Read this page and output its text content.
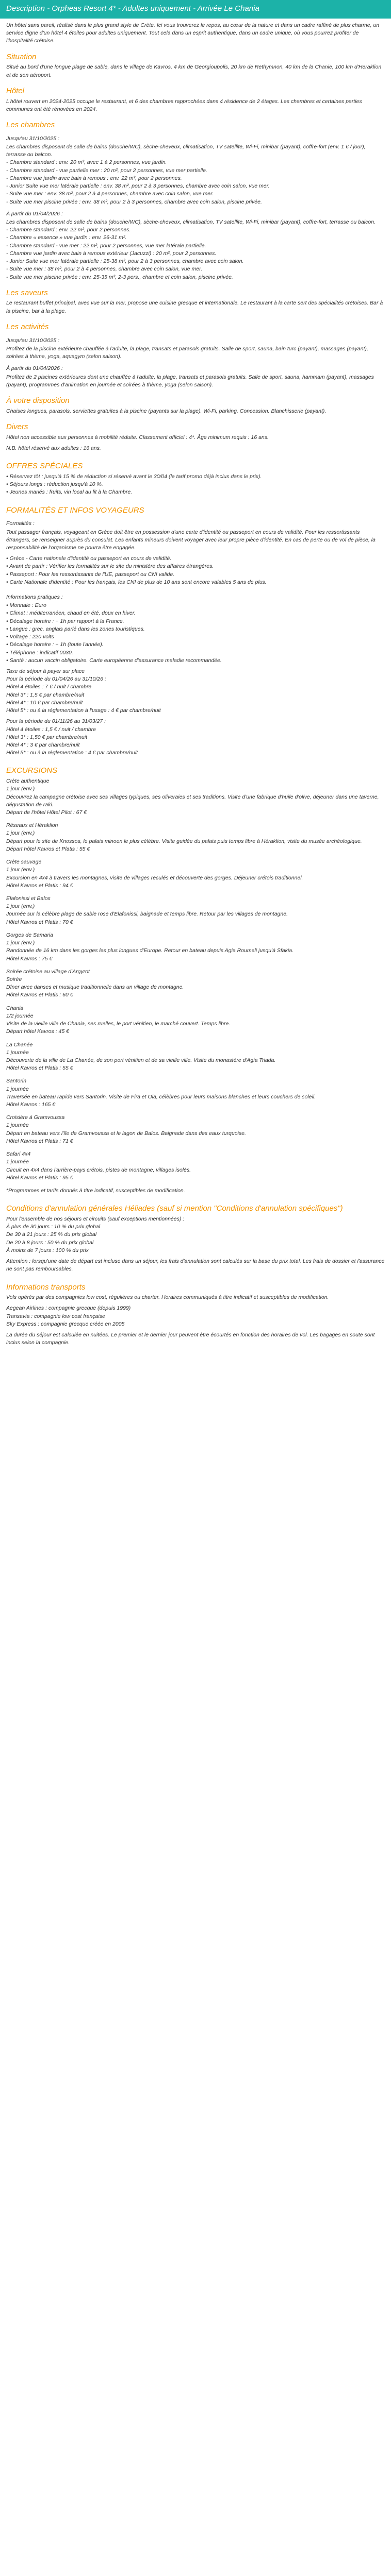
Description - Orpheas Resort 4* - Adultes uniquement - Arrivée Le Chania

Un hôtel sans pareil, réalisé dans le plus grand style de Crète. Ici vous trouverez le repos, au cœur de la nature et dans un cadre raffiné de plus charme, un service digne d'un hôtel 4 étoiles pour adultes uniquement. Tout cela dans un esprit authentique, dans un cadre unique, où vous pourrez profiter de l'hospitalité crétoise.

Situation

Situé au bord d'une longue plage de sable, dans le village de Kavros, 4 km de Georgioupolis, 20 km de Rethymnon, 40 km de la Chanie, 100 km d'Heraklion et de son aéroport.

Hôtel

L'hôtel rouvert en 2024-2025 occupe le restaurant, et 6 des chambres rapprochées dans 4 résidence de 2 étages. Les chambres et certaines parties communes ont été rénovées en 2024.

Les chambres
Jusqu'au 31/10/2025 :
Les chambres disposent de salle de bains (douche/WC), sèche-cheveux, climatisation, TV satellite, Wi-Fi, minibar (payant), coffre-fort (env. 1 € / jour), terrasse ou balcon.
- Chambre standard : env. 20 m², avec 1 à 2 personnes, vue jardin.
- Chambre standard - vue partielle mer : 20 m², pour 2 personnes, vue mer partielle.
- Chambre vue jardin avec bain à remous : env. 22 m², pour 2 personnes.
- Junior Suite vue mer latérale partielle : env. 38 m², pour 2 à 3 personnes, chambre avec coin salon, vue mer.
- Suite vue mer : env. 38 m², pour 2 à 4 personnes, chambre avec coin salon, vue mer.
- Suite vue mer piscine privée : env. 38 m², pour 2 à 3 personnes, chambre avec coin salon, piscine privée.
À partir du 01/04/2026 :
Les chambres disposent de salle de bains (douche/WC), sèche-cheveux, climatisation, TV satellite, Wi-Fi, minibar (payant), coffre-fort, terrasse ou balcon.
- Chambre standard : env. 22 m², pour 2 personnes.
- Chambre « essence » vue jardin : env. 26-31 m².
- Chambre standard - vue mer : 22 m², pour 2 personnes, vue mer latérale partielle.
- Chambre vue jardin avec bain à remous extérieur (Jacuzzi) : 20 m², pour 2 personnes.
- Junior Suite vue mer latérale partielle : 25-38 m², pour 2 à 3 personnes, chambre avec coin salon.
- Suite vue mer : 38 m², pour 2 à 4 personnes, chambre avec coin salon, vue mer.
- Suite vue mer piscine privée : env. 25-35 m², 2-3 pers., chambre et coin salon, piscine privée.
Les saveurs

Le restaurant buffet principal, avec vue sur la mer, propose une cuisine grecque et internationale. Le restaurant à la carte sert des spécialités crétoises. Bar à la piscine, bar à la plage.

Les activités
Jusqu'au 31/10/2025 :

Profitez de la piscine extérieure chauffée à l'adulte, la plage, transats et parasols gratuits. Salle de sport, sauna, bain turc (payant), massages (payant), soirées à thème, yoga, aquagym (selon saison).

À partir du 01/04/2026 :

Profitez de 2 piscines extérieures dont une chauffée à l'adulte, la plage, transats et parasols gratuits. Salle de sport, sauna, hammam (payant), massages (payant), programmes d'animation en journée et soirées à thème, yoga (selon saison).

À votre disposition

Chaises longues, parasols, serviettes gratuites à la piscine (payants sur la plage). Wi-Fi, parking. Concession. Blanchisserie (payant).

Divers

Hôtel non accessible aux personnes à mobilité réduite. Classement officiel : 4*. Âge minimum requis : 16 ans.

N.B. hôtel réservé aux adultes : 16 ans.

OFFRES SPÉCIALES
• Réservez tôt : jusqu'à 15 % de réduction si réservé avant le 30/04 (le tarif promo déjà inclus dans le prix).
• Séjours longs : réduction jusqu'à 10 %.
• Jeunes mariés : fruits, vin local au lit à la Chambre.
FORMALITÉS ET INFOS VOYAGEURS
Formalités :

Tout passager français, voyageant en Grèce doit être en possession d'une carte d'identité ou passeport en cours de validité. Pour les ressortissants étrangers, se renseigner auprès du consulat. Les enfants mineurs doivent voyager avec leur propre pièce d'identité. En cas de perte ou de vol de pièce, la responsabilité de l'organisme ne pourra être engagée.

• Grèce - Carte nationale d'identité ou passeport en cours de validité.
• Avant de partir : Vérifier les formalités sur le site du ministère des affaires étrangères.
• Passeport : Pour les ressortissants de l'UE, passeport ou CNI valide.
• Carte Nationale d'identité : Pour les français, les CNI de plus de 10 ans sont encore valables 5 ans de plus.
Informations pratiques :
• Monnaie : Euro
• Climat : méditerranéen, chaud en été, doux en hiver.
• Décalage horaire : + 1h par rapport à la France.
• Langue : grec, anglais parlé dans les zones touristiques.
• Voltage : 220 volts
• Décalage horaire : + 1h (toute l'année).
• Téléphone : indicatif 0030.
• Santé : aucun vaccin obligatoire. Carte européenne d'assurance maladie recommandée.
Taxe de séjour à payer sur place
Pour la période du 01/04/26 au 31/10/26 :
Hôtel 4 étoiles : 7 € / nuit / chambre
Hôtel 3* : 1,5 € par chambre/nuit
Hôtel 4* : 10 € par chambre/nuit
Hôtel 5* : ou à la réglementation à l'usage : 4 € par chambre/nuit
Pour la période du 01/11/26 au 31/03/27 :
Hôtel 4 étoiles : 1,5 € / nuit / chambre
Hôtel 3* : 1,50 € par chambre/nuit
Hôtel 4* : 3 € par chambre/nuit
Hôtel 5* : ou à la réglementation : 4 € par chambre/nuit
EXCURSIONS
Crète authentique
1 jour (env.)
Découvrez la campagne crétoise avec ses villages typiques, ses oliveraies et ses traditions. Visite d'une fabrique d'huile d'olive, déjeuner dans une taverne, dégustation de raki.
Départ de l'hôtel Hôtel Pilot : 67 €
Réseaux et Héraklion
1 jour (env.)
Départ pour le site de Knossos, le palais minoen le plus célèbre. Visite guidée du palais puis temps libre à Héraklion, visite du musée archéologique.
Départ hôtel Kavros et Platis : 55 €
Crète sauvage
1 jour (env.)
Excursion en 4x4 à travers les montagnes, visite de villages reculés et découverte des gorges. Déjeuner crétois traditionnel.
Hôtel Kavros et Platis : 94 €
Elafonissi et Balos
1 jour (env.)
Journée sur la célèbre plage de sable rose d'Elafonissi, baignade et temps libre. Retour par les villages de montagne.
Hôtel Kavros et Platis : 70 €
Gorges de Samaria
1 jour (env.)
Randonnée de 16 km dans les gorges les plus longues d'Europe. Retour en bateau depuis Agia Roumeli jusqu'à Sfakia.
Hôtel Kavros : 75 €
Soirée crétoise au village d'Argyrot
Soirée
Dîner avec danses et musique traditionnelle dans un village de montagne.
Hôtel Kavros et Platis : 60 €
Chania
1/2 journée
Visite de la vieille ville de Chania, ses ruelles, le port vénitien, le marché couvert. Temps libre.
Départ hôtel Kavros : 45 €
La Chanée
1 journée
Découverte de la ville de La Chanée, de son port vénitien et de sa vieille ville. Visite du monastère d'Agia Triada.
Hôtel Kavros et Platis : 55 €
Santorin
1 journée
Traversée en bateau rapide vers Santorin. Visite de Fira et Oia, célèbres pour leurs maisons blanches et leurs couchers de soleil.
Hôtel Kavros : 165 €
Croisière à Gramvoussa
1 journée
Départ en bateau vers l'île de Gramvoussa et le lagon de Balos. Baignade dans des eaux turquoise.
Hôtel Kavros et Platis : 71 €
Safari 4x4
1 journée
Circuit en 4x4 dans l'arrière-pays crétois, pistes de montagne, villages isolés.
Hôtel Kavros et Platis : 95 €

*Programmes et tarifs donnés à titre indicatif, susceptibles de modification.

Conditions d'annulation générales Héliades (sauf si mention "Conditions d'annulation spécifiques")
Pour l'ensemble de nos séjours et circuits (sauf exceptions mentionnées) :
À plus de 30 jours : 10 % du prix global
De 30 à 21 jours : 25 % du prix global
De 20 à 8 jours : 50 % du prix global
À moins de 7 jours : 100 % du prix

Attention : lorsqu'une date de départ est incluse dans un séjour, les frais d'annulation sont calculés sur la base du prix total. Les frais de dossier et l'assurance ne sont pas remboursables.

Informations transports

Vols opérés par des compagnies low cost, régulières ou charter. Horaires communiqués à titre indicatif et susceptibles de modification.

Aegean Airlines : compagnie grecque (depuis 1999)
Transavia : compagnie low cost française
Sky Express : compagnie grecque créée en 2005

La durée du séjour est calculée en nuitées. Le premier et le dernier jour peuvent être écourtés en fonction des horaires de vol. Les bagages en soute sont inclus selon la compagnie.
